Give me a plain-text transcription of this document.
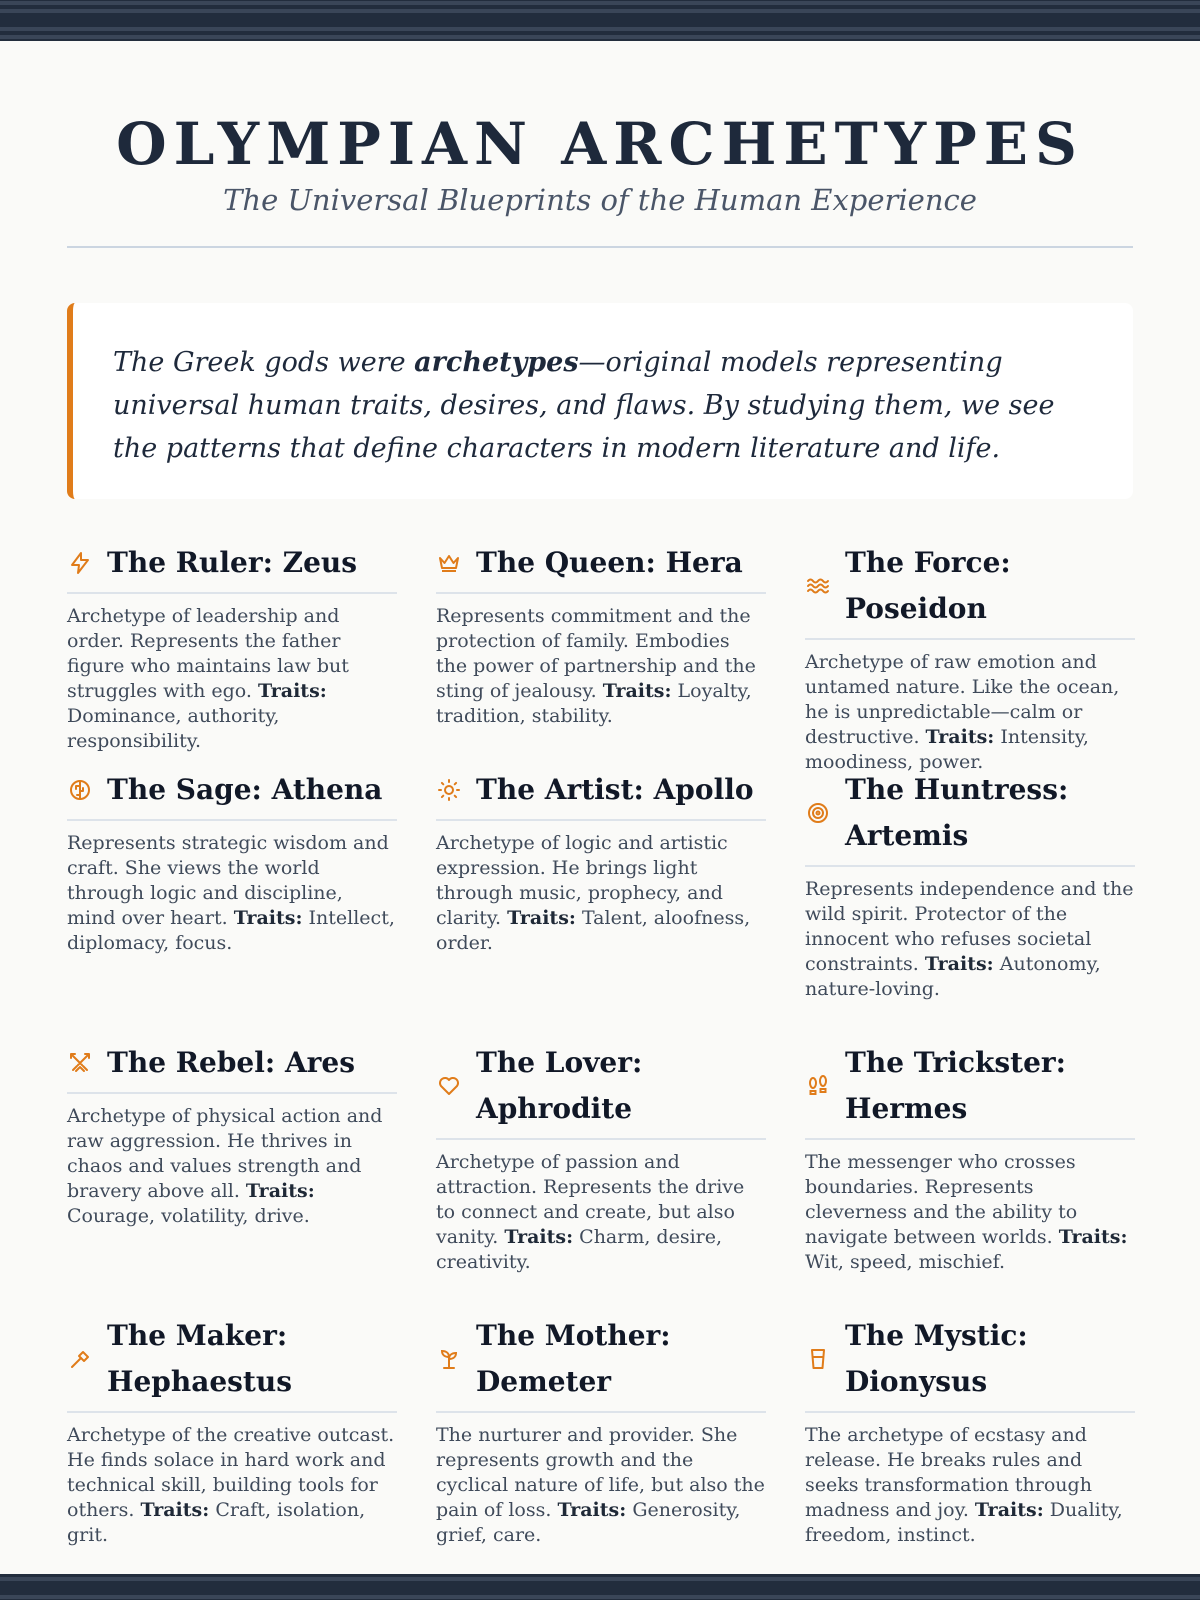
OLYMPIAN ARCHETYPES
The Universal Blueprints of the Human Experience
The Greek gods were archetypes—original models representing universal human traits, desires, and flaws. By studying them, we see the patterns that define characters in modern literature and life.
The Ruler: Zeus
Archetype of leadership and order. Represents the father figure who maintains law but struggles with ego. Traits: Dominance, authority, responsibility.
The Queen: Hera
Represents commitment and the protection of family. Embodies the power of partnership and the sting of jealousy. Traits: Loyalty, tradition, stability.
The Force: Poseidon
Archetype of raw emotion and untamed nature. Like the ocean, he is unpredictable—calm or destructive. Traits: Intensity, moodiness, power.
The Sage: Athena
Represents strategic wisdom and craft. She views the world through logic and discipline, mind over heart. Traits: Intellect, diplomacy, focus.
The Artist: Apollo
Archetype of logic and artistic expression. He brings light through music, prophecy, and clarity. Traits: Talent, aloofness, order.
The Huntress: Artemis
Represents independence and the wild spirit. Protector of the innocent who refuses societal constraints. Traits: Autonomy, nature-loving.
The Rebel: Ares
Archetype of physical action and raw aggression. He thrives in chaos and values strength and bravery above all. Traits: Courage, volatility, drive.
The Lover: Aphrodite
Archetype of passion and attraction. Represents the drive to connect and create, but also vanity. Traits: Charm, desire, creativity.
The Trickster: Hermes
The messenger who crosses boundaries. Represents cleverness and the ability to navigate between worlds. Traits: Wit, speed, mischief.
The Maker: Hephaestus
Archetype of the creative outcast. He finds solace in hard work and technical skill, building tools for others. Traits: Craft, isolation, grit.
The Mother: Demeter
The nurturer and provider. She represents growth and the cyclical nature of life, but also the pain of loss. Traits: Generosity, grief, care.
The Mystic: Dionysus
The archetype of ecstasy and release. He breaks rules and seeks transformation through madness and joy. Traits: Duality, freedom, instinct.
